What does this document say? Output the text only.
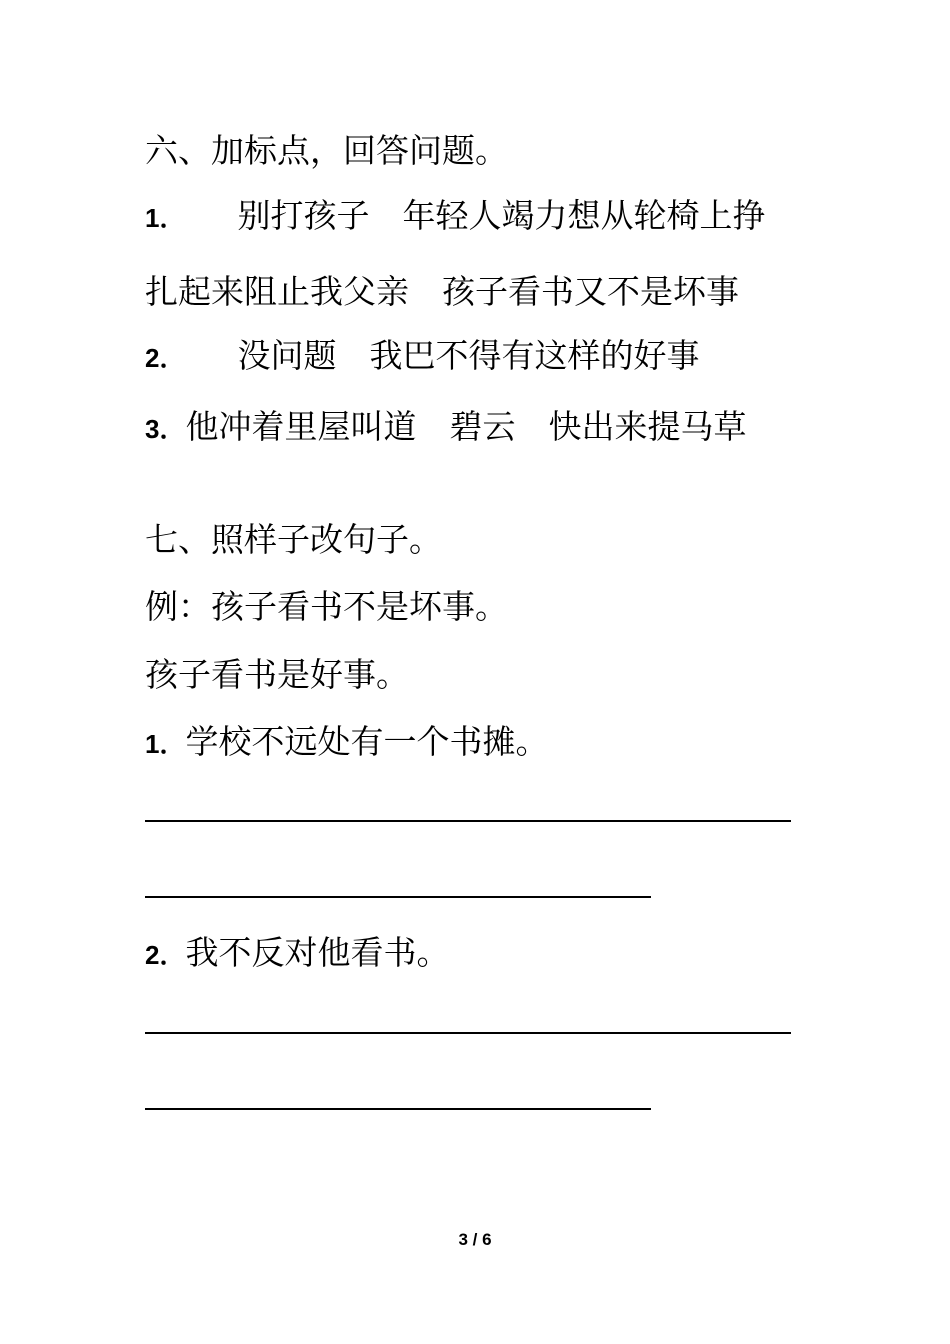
六、加标点，回答问题。
1． 别打孩子　年轻人竭力想从轮椅上挣
扎起来阻止我父亲　孩子看书又不是坏事
2． 没问题　我巴不得有这样的好事
3．他冲着里屋叫道　碧云　快出来提马草
七、照样子改句子。
例：孩子看书不是坏事。
孩子看书是好事。
1．学校不远处有一个书摊。
2．我不反对他看书。
3 / 6
